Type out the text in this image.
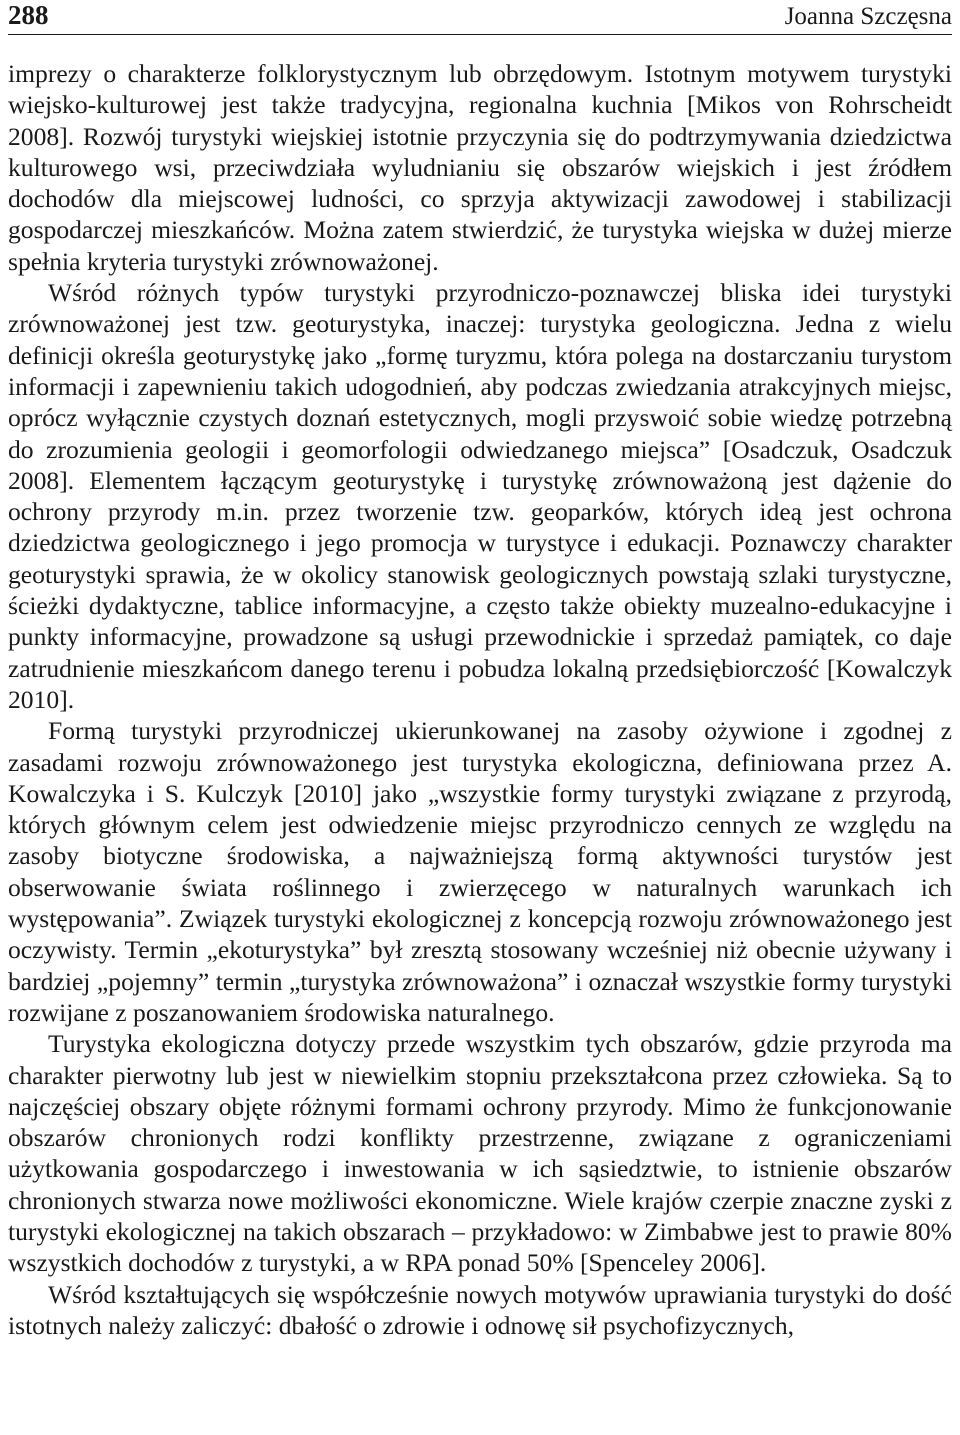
288	Joanna Szczęsna

imprezy o charakterze folklorystycznym lub obrzędowym. Istotnym motywem turystyki wiejsko-kulturowej jest także tradycyjna, regionalna kuchnia [Mikos von Rohrscheidt 2008]. Rozwój turystyki wiejskiej istotnie przyczynia się do podtrzymywania dziedzictwa kulturowego wsi, przeciwdziała wyludnianiu się obszarów wiejskich i jest źródłem dochodów dla miejscowej ludności, co sprzyja aktywizacji zawodowej i stabilizacji gospodarczej mieszkańców. Można zatem stwierdzić, że turystyka wiejska w dużej mierze spełnia kryteria turystyki zrównoważonej.

Wśród różnych typów turystyki przyrodniczo-poznawczej bliska idei turystyki zrównoważonej jest tzw. geoturystyka, inaczej: turystyka geologiczna. Jedna z wielu definicji określa geoturystykę jako „formę turyzmu, która polega na dostarczaniu turystom informacji i zapewnieniu takich udogodnień, aby podczas zwiedzania atrakcyjnych miejsc, oprócz wyłącznie czystych doznań estetycznych, mogli przyswoić sobie wiedzę potrzebną do zrozumienia geologii i geomorfologii odwiedzanego miejsca” [Osadczuk, Osadczuk 2008]. Elementem łączącym geoturystykę i turystykę zrównoważoną jest dążenie do ochrony przyrody m.in. przez tworzenie tzw. geoparków, których ideą jest ochrona dziedzictwa geologicznego i jego promocja w turystyce i edukacji. Poznawczy charakter geoturystyki sprawia, że w okolicy stanowisk geologicznych powstają szlaki turystyczne, ścieżki dydaktyczne, tablice informacyjne, a często także obiekty muzealno-edukacyjne i punkty informacyjne, prowadzone są usługi przewodnickie i sprzedaż pamiątek, co daje zatrudnienie mieszkańcom danego terenu i pobudza lokalną przedsiębiorczość [Kowalczyk 2010].

Formą turystyki przyrodniczej ukierunkowanej na zasoby ożywione i zgodnej z zasadami rozwoju zrównoważonego jest turystyka ekologiczna, definiowana przez A. Kowalczyka i S. Kulczyk [2010] jako „wszystkie formy turystyki związane z przyrodą, których głównym celem jest odwiedzenie miejsc przyrodniczo cennych ze względu na zasoby biotyczne środowiska, a najważniejszą formą aktywności turystów jest obserwowanie świata roślinnego i zwierzęcego w naturalnych warunkach ich występowania”. Związek turystyki ekologicznej z koncepcją rozwoju zrównoważonego jest oczywisty. Termin „ekoturystyka” był zresztą stosowany wcześniej niż obecnie używany i bardziej „pojemny” termin „turystyka zrównoważona” i oznaczał wszystkie formy turystyki rozwijane z poszanowaniem środowiska naturalnego.

Turystyka ekologiczna dotyczy przede wszystkim tych obszarów, gdzie przyroda ma charakter pierwotny lub jest w niewielkim stopniu przekształcona przez człowieka. Są to najczęściej obszary objęte różnymi formami ochrony przyrody. Mimo że funkcjonowanie obszarów chronionych rodzi konflikty przestrzenne, związane z ograniczeniami użytkowania gospodarczego i inwestowania w ich sąsiedztwie, to istnienie obszarów chronionych stwarza nowe możliwości ekonomiczne. Wiele krajów czerpie znaczne zyski z turystyki ekologicznej na takich obszarach – przykładowo: w Zimbabwe jest to prawie 80% wszystkich dochodów z turystyki, a w RPA ponad 50% [Spenceley 2006].

Wśród kształtujących się współcześnie nowych motywów uprawiania turystyki do dość istotnych należy zaliczyć: dbałość o zdrowie i odnowę sił psychofizycznych,
